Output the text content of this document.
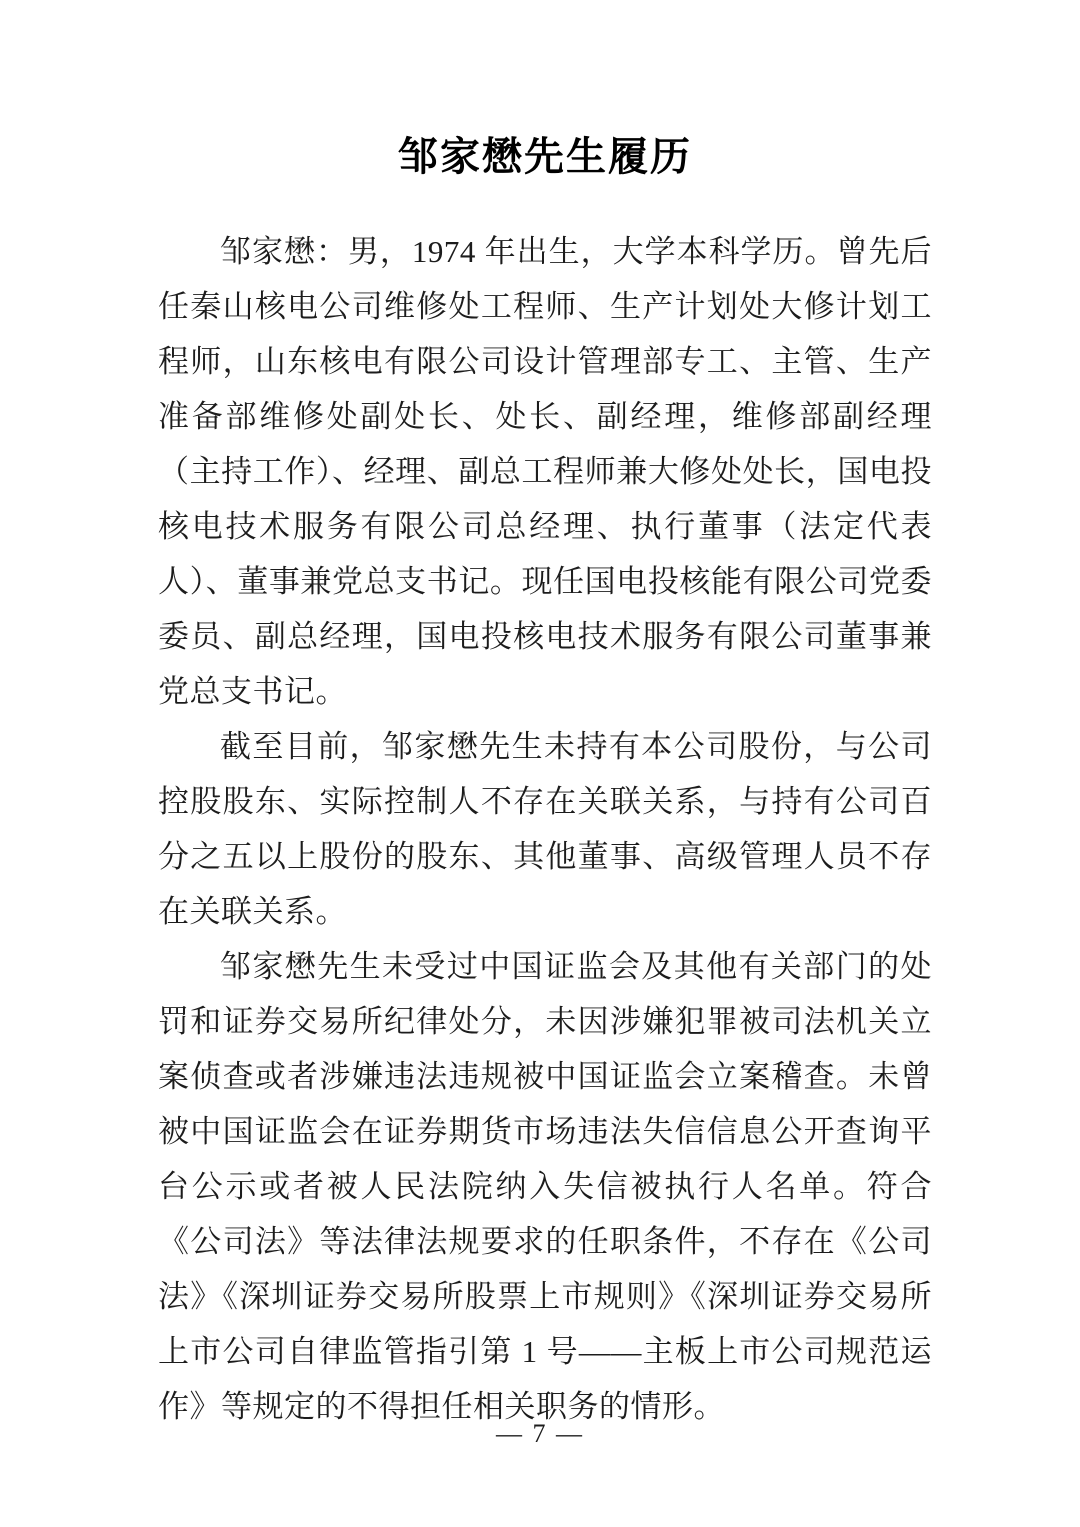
邹家懋先生履历

邹家懋：男，1974 年出生，大学本科学历。曾先后任秦山核电公司维修处工程师、生产计划处大修计划工程师，山东核电有限公司设计管理部专工、主管、生产准备部维修处副处长、处长、副经理，维修部副经理（主持工作）、经理、副总工程师兼大修处处长，国电投核电技术服务有限公司总经理、执行董事（法定代表人）、董事兼党总支书记。现任国电投核能有限公司党委委员、副总经理，国电投核电技术服务有限公司董事兼党总支书记。

截至目前，邹家懋先生未持有本公司股份，与公司控股股东、实际控制人不存在关联关系，与持有公司百分之五以上股份的股东、其他董事、高级管理人员不存在关联关系。

邹家懋先生未受过中国证监会及其他有关部门的处罚和证券交易所纪律处分，未因涉嫌犯罪被司法机关立案侦查或者涉嫌违法违规被中国证监会立案稽查。未曾被中国证监会在证券期货市场违法失信信息公开查询平台公示或者被人民法院纳入失信被执行人名单。符合《公司法》等法律法规要求的任职条件，不存在《公司法》《深圳证券交易所股票上市规则》《深圳证券交易所上市公司自律监管指引第 1 号——主板上市公司规范运作》等规定的不得担任相关职务的情形。

— 7 —
